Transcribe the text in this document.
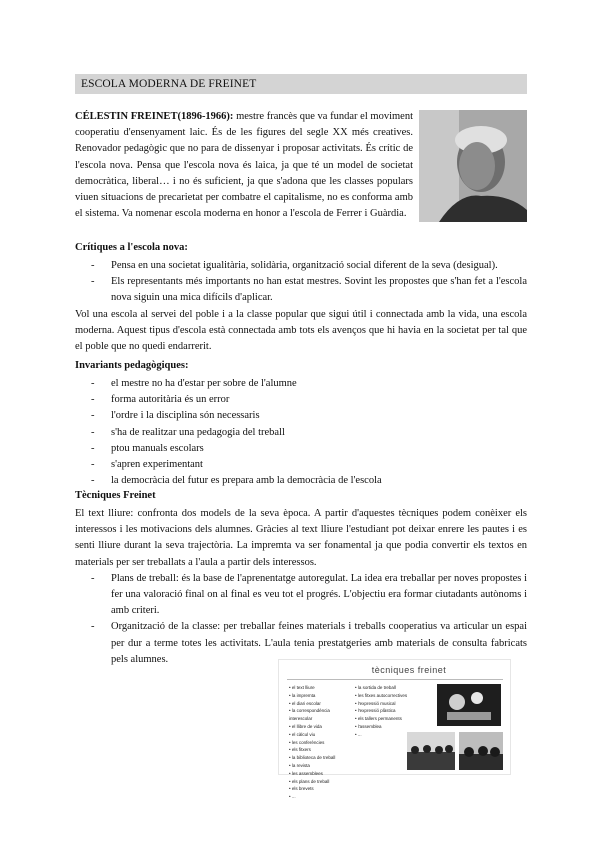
ESCOLA MODERNA DE FREINET
CÉLESTIN FREINET(1896-1966): mestre francès que va fundar el moviment cooperatiu d'ensenyament laic. És de les figures del segle XX més creatives. Renovador pedagògic que no para de dissenyar i proposar activitats. És crític de l'escola nova. Pensa que l'escola nova és laica, ja que té un model de societat democràtica, liberal… i no és suficient, ja que s'adona que les classes populars viuen situacions de precarietat per combatre el capitalisme, no es conforma amb el sistema. Va nomenar escola moderna en honor a l'escola de Ferrer i Guàrdia.
Crítiques a l'escola nova:
- Pensa en una societat igualitària, solidària, organització social diferent de la seva (desigual).
- Els representants més importants no han estat mestres. Sovint les propostes que s'han fet a l'escola nova siguin una mica difícils d'aplicar.
Vol una escola al servei del poble i a la classe popular que sigui útil i connectada amb la vida, una escola moderna. Aquest tipus d'escola està connectada amb tots els avenços que hi havia en la societat per tal que el poble que no quedi endarrerit.
Invariants pedagògiques:
- el mestre no ha d'estar per sobre de l'alumne
- forma autoritària és un error
- l'ordre i la disciplina són necessaris
- s'ha de realitzar una pedagogia del treball
- ptou manuals escolars
- s'apren experimentant
- la democràcia del futur es prepara amb la democràcia de l'escola
Tècniques Freinet
El text lliure: confronta dos models de la seva època. A partir d'aquestes tècniques podem conèixer els interessos i les motivacions dels alumnes. Gràcies al text lliure l'estudiant pot deixar enrere les pautes i es senti lliure durant la seva trajectòria. La impremta va ser fonamental ja que podia convertir els textos en materials per ser treballats a l'aula a partir dels interessos.
- Plans de treball: és la base de l'aprenentatge autoregulat. La idea era treballar per noves propostes i fer una valoració final on al final es veu tot el progrés. L'objectiu era formar ciutadants autònoms i amb criteri.
- Organització de la classe: per treballar feines materials i treballs cooperatius va articular un espai per dur a terme totes les activitats. L'aula tenia prestatgeries amb materials de consulta fabricats pels alumnes.
tècniques freinet
• el text lliure
• la impremta
• el diari escolar
• la correspondència
interescolar
• el llibre de vida
• el càlcul viu
• les conferències
• els fitxers
• la biblioteca de treball
• la revista
• les assemblees
• els plans de treball
• els brevets
• ...
• la sortida de treball
• les fitxes autocorrectives
• l'expressió musical
• l'expressió plàstica
• els tallers permanents
• l'assemblea
• ...
